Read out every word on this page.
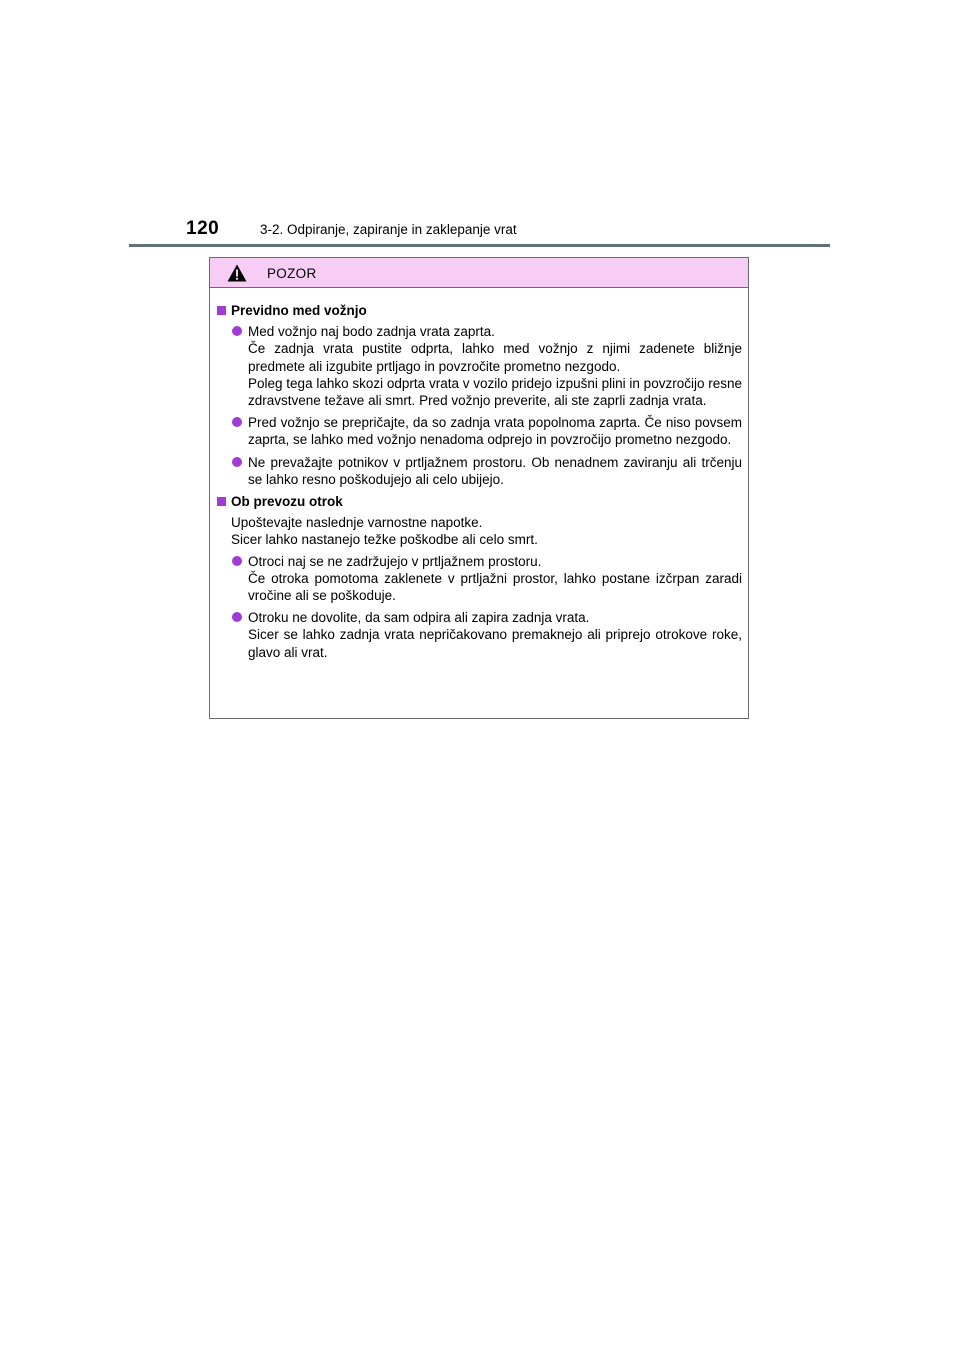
120	3-2. Odpiranje, zapiranje in zaklepanje vrat
POZOR
Previdno med vožnjo
Med vožnjo naj bodo zadnja vrata zaprta.
Če zadnja vrata pustite odprta, lahko med vožnjo z njimi zadenete bližnje predmete ali izgubite prtljago in povzročite prometno nezgodo.
Poleg tega lahko skozi odprta vrata v vozilo pridejo izpušni plini in povzročijo resne zdravstvene težave ali smrt. Pred vožnjo preverite, ali ste zaprli zadnja vrata.
Pred vožnjo se prepričajte, da so zadnja vrata popolnoma zaprta. Če niso povsem zaprta, se lahko med vožnjo nenadoma odprejo in povzročijo prometno nezgodo.
Ne prevažajte potnikov v prtljažnem prostoru. Ob nenadnem zaviranju ali trčenju se lahko resno poškodujejo ali celo ubijejo.
Ob prevozu otrok
Upoštevajte naslednje varnostne napotke.
Sicer lahko nastanejo težke poškodbe ali celo smrt.
Otroci naj se ne zadržujejo v prtljažnem prostoru.
Če otroka pomotoma zaklenete v prtljažni prostor, lahko postane izčrpan zaradi vročine ali se poškoduje.
Otroku ne dovolite, da sam odpira ali zapira zadnja vrata.
Sicer se lahko zadnja vrata nepričakovano premaknejo ali priprejo otrokove roke, glavo ali vrat.
